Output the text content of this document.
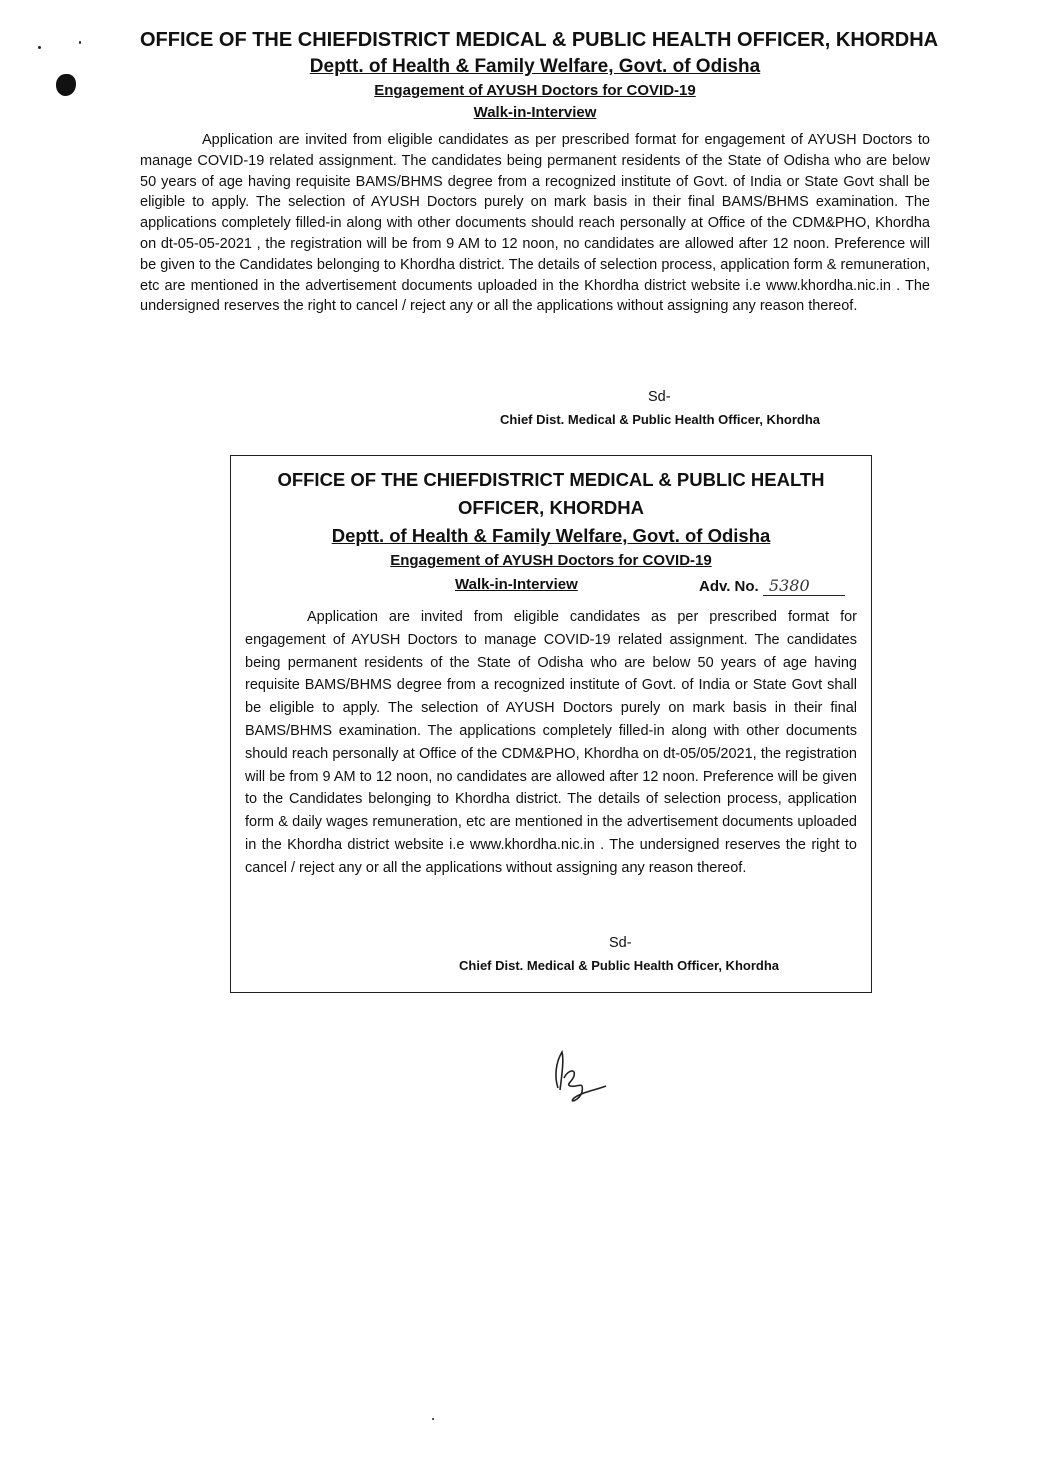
OFFICE OF THE CHIEFDISTRICT MEDICAL & PUBLIC HEALTH OFFICER, KHORDHA

Deptt. of Health & Family Welfare, Govt. of Odisha

Engagement of AYUSH Doctors for COVID-19

Walk-in-Interview

Application are invited from eligible candidates as per prescribed format for engagement of AYUSH Doctors to manage COVID-19 related assignment. The candidates being permanent residents of the State of Odisha who are below 50 years of age having requisite BAMS/BHMS degree from a recognized institute of Govt. of India or State Govt shall be eligible to apply. The selection of AYUSH Doctors purely on mark basis in their final BAMS/BHMS examination. The applications completely filled-in along with other documents should reach personally at Office of the CDM&PHO, Khordha on dt-05-05-2021 , the registration will be from 9 AM to 12 noon, no candidates are allowed after 12 noon. Preference will be given to the Candidates belonging to Khordha district. The details of selection process, application form & remuneration, etc are mentioned in the advertisement documents uploaded in the Khordha district website i.e www.khordha.nic.in . The undersigned reserves the right to cancel / reject any or all the applications without assigning any reason thereof.

Sd-
Chief Dist. Medical & Public Health Officer, Khordha

OFFICE OF THE CHIEFDISTRICT MEDICAL & PUBLIC HEALTH

OFFICER, KHORDHA

Deptt. of Health & Family Welfare, Govt. of Odisha

Engagement of AYUSH Doctors for COVID-19

Walk-in-Interview	Adv. No. 5380

Application are invited from eligible candidates as per prescribed format for engagement of AYUSH Doctors to manage COVID-19 related assignment. The candidates being permanent residents of the State of Odisha who are below 50 years of age having requisite BAMS/BHMS degree from a recognized institute of Govt. of India or State Govt shall be eligible to apply. The selection of AYUSH Doctors purely on mark basis in their final BAMS/BHMS examination. The applications completely filled-in along with other documents should reach personally at Office of the CDM&PHO, Khordha on dt-05/05/2021, the registration will be from 9 AM to 12 noon, no candidates are allowed after 12 noon. Preference will be given to the Candidates belonging to Khordha district. The details of selection process, application form & daily wages remuneration, etc are mentioned in the advertisement documents uploaded in the Khordha district website i.e www.khordha.nic.in . The undersigned reserves the right to cancel / reject any or all the applications without assigning any reason thereof.

Sd-
Chief Dist. Medical & Public Health Officer, Khordha
